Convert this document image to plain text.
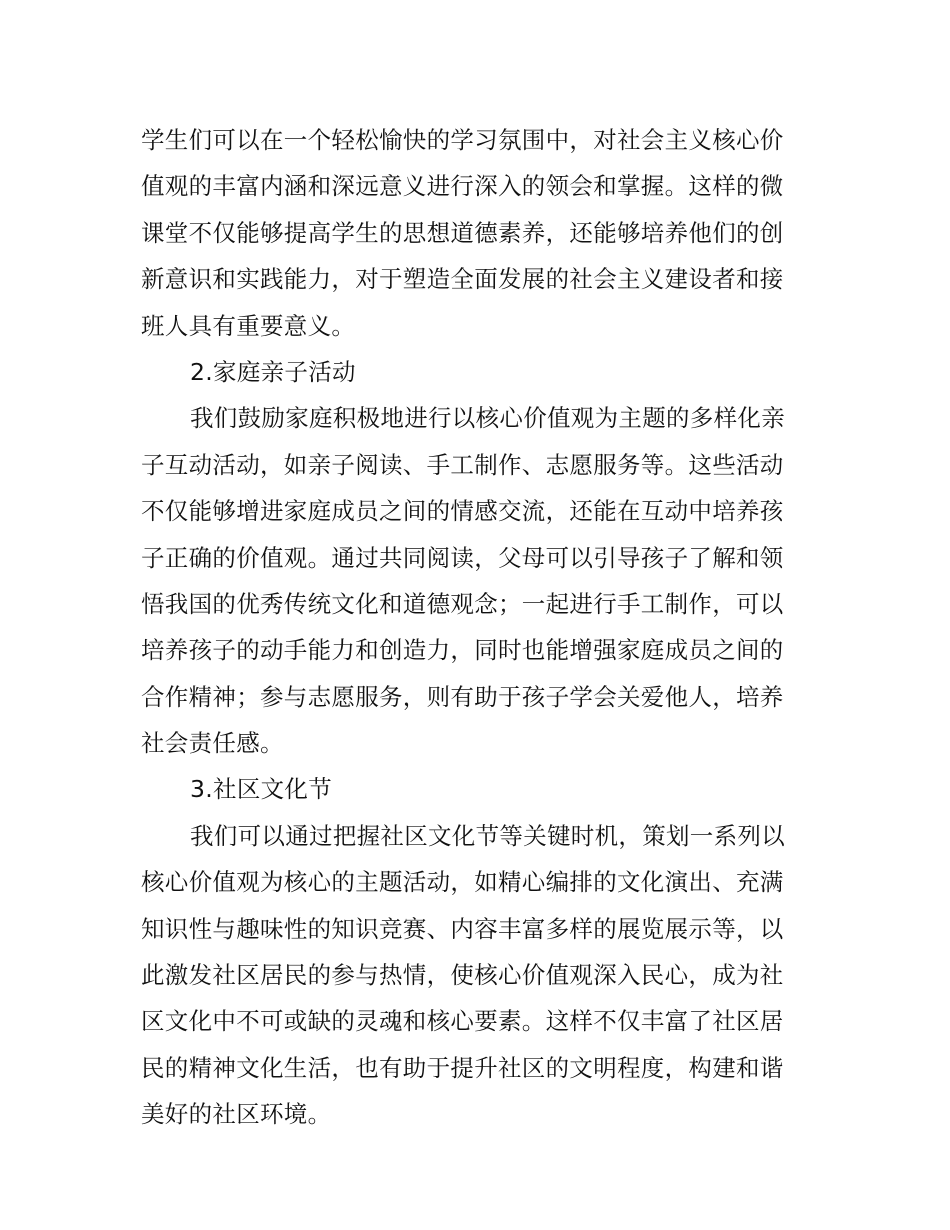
学生们可以在一个轻松愉快的学习氛围中，对社会主义核心价
值观的丰富内涵和深远意义进行深入的领会和掌握。这样的微
课堂不仅能够提高学生的思想道德素养，还能够培养他们的创
新意识和实践能力，对于塑造全面发展的社会主义建设者和接
班人具有重要意义。
2.家庭亲子活动
我们鼓励家庭积极地进行以核心价值观为主题的多样化亲
子互动活动，如亲子阅读、手工制作、志愿服务等。这些活动
不仅能够增进家庭成员之间的情感交流，还能在互动中培养孩
子正确的价值观。通过共同阅读，父母可以引导孩子了解和领
悟我国的优秀传统文化和道德观念；一起进行手工制作，可以
培养孩子的动手能力和创造力，同时也能增强家庭成员之间的
合作精神；参与志愿服务，则有助于孩子学会关爱他人，培养
社会责任感。
3.社区文化节
我们可以通过把握社区文化节等关键时机，策划一系列以
核心价值观为核心的主题活动，如精心编排的文化演出、充满
知识性与趣味性的知识竞赛、内容丰富多样的展览展示等，以
此激发社区居民的参与热情，使核心价值观深入民心，成为社
区文化中不可或缺的灵魂和核心要素。这样不仅丰富了社区居
民的精神文化生活，也有助于提升社区的文明程度，构建和谐
美好的社区环境。
